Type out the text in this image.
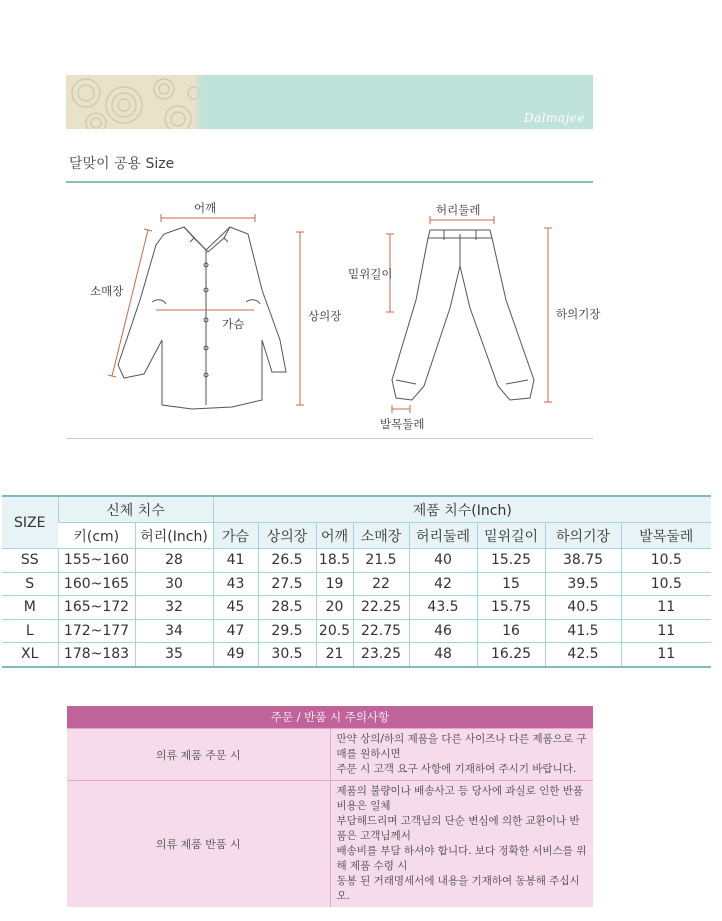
Dalmajee
달맞이 공용 Size
어깨
소매장
가슴
상의장
허리둘레
밑위길이
하의기장
발목둘레
SIZE	신체 치수		제품 치수(Inch)							
	키(cm)	허리(Inch)	가슴	상의장	어깨	소매장	허리둘레	밑위길이	하의기장	발목둘레
SS	155~160	28	41	26.5	18.5	21.5	40	15.25	38.75	10.5
S	160~165	30	43	27.5	19	22	42	15	39.5	10.5
M	165~172	32	45	28.5	20	22.25	43.5	15.75	40.5	11
L	172~177	34	47	29.5	20.5	22.75	46	16	41.5	11
XL	178~183	35	49	30.5	21	23.25	48	16.25	42.5	11
주문 / 반품 시 주의사항	
의류 제품 주문 시	만약 상의/하의 제품을 다른 사이즈나 다른 제품으로 구매를 원하시면

주문 시 고객 요구 사항에 기재하여 주시기 바랍니다.

의류 제품 반품 시	제품의 불량이나 배송사고 등 당사에 과실로 인한 반품비용은 일체

부담해드리며 고객님의 단순 변심에 의한 교환이나 반품은 고객님께서

배송비를 부담 하셔야 합니다. 보다 정확한 서비스를 위해 제품 수령 시

동봉 된 거래명세서에 내용을 기재하여 동봉해 주십시오.
